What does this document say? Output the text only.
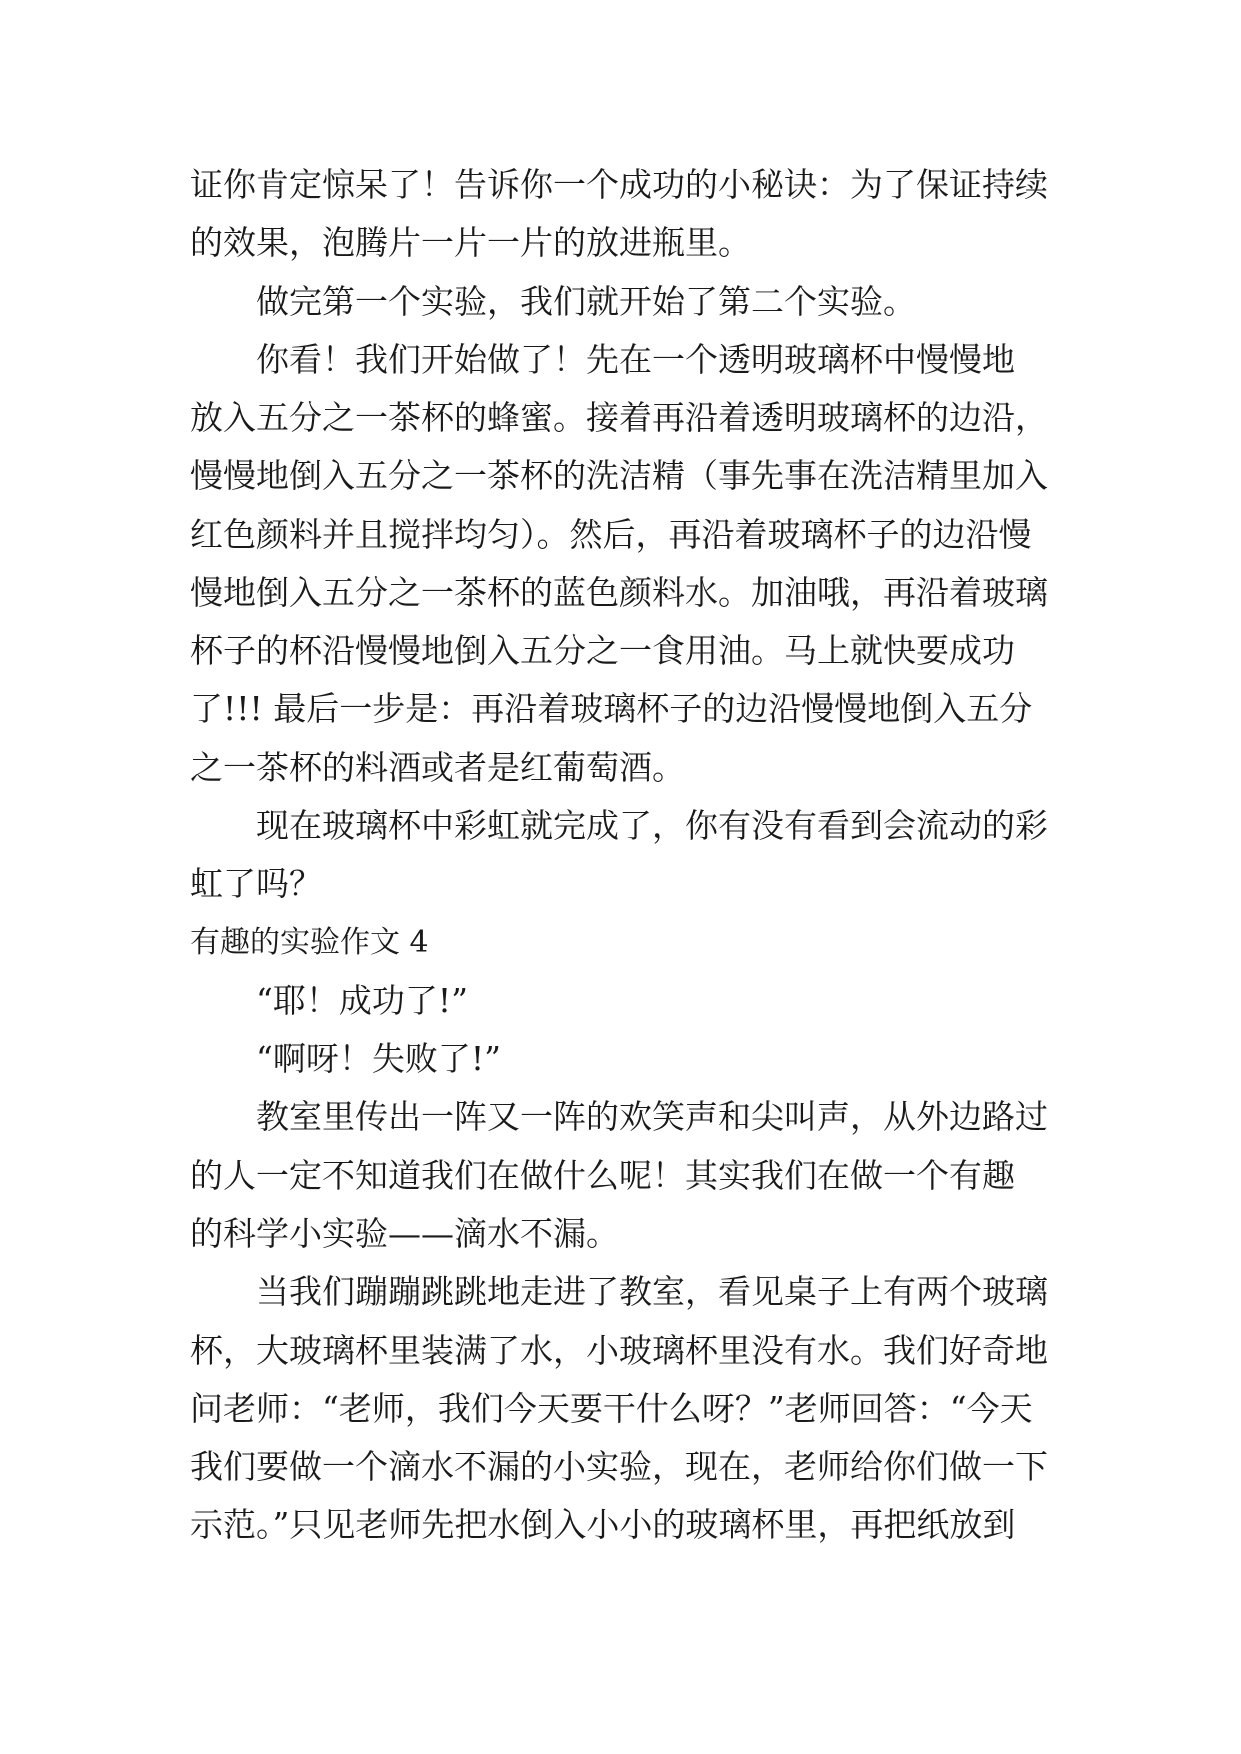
证你肯定惊呆了！告诉你一个成功的小秘诀：为了保证持续
的效果，泡腾片一片一片的放进瓶里。
做完第一个实验，我们就开始了第二个实验。
你看！我们开始做了！先在一个透明玻璃杯中慢慢地
放入五分之一茶杯的蜂蜜。接着再沿着透明玻璃杯的边沿，
慢慢地倒入五分之一茶杯的洗洁精（事先事在洗洁精里加入
红色颜料并且搅拌均匀）。然后，再沿着玻璃杯子的边沿慢
慢地倒入五分之一茶杯的蓝色颜料水。加油哦，再沿着玻璃
杯子的杯沿慢慢地倒入五分之一食用油。马上就快要成功
了!!! 最后一步是：再沿着玻璃杯子的边沿慢慢地倒入五分
之一茶杯的料酒或者是红葡萄酒。
现在玻璃杯中彩虹就完成了，你有没有看到会流动的彩
虹了吗？
有趣的实验作文 4
“耶！成功了!”
“啊呀！失败了!”
教室里传出一阵又一阵的欢笑声和尖叫声，从外边路过
的人一定不知道我们在做什么呢！其实我们在做一个有趣
的科学小实验——滴水不漏。
当我们蹦蹦跳跳地走进了教室，看见桌子上有两个玻璃
杯，大玻璃杯里装满了水，小玻璃杯里没有水。我们好奇地
问老师：“老师，我们今天要干什么呀？”老师回答：“今天
我们要做一个滴水不漏的小实验，现在，老师给你们做一下
示范。”只见老师先把水倒入小小的玻璃杯里，再把纸放到
